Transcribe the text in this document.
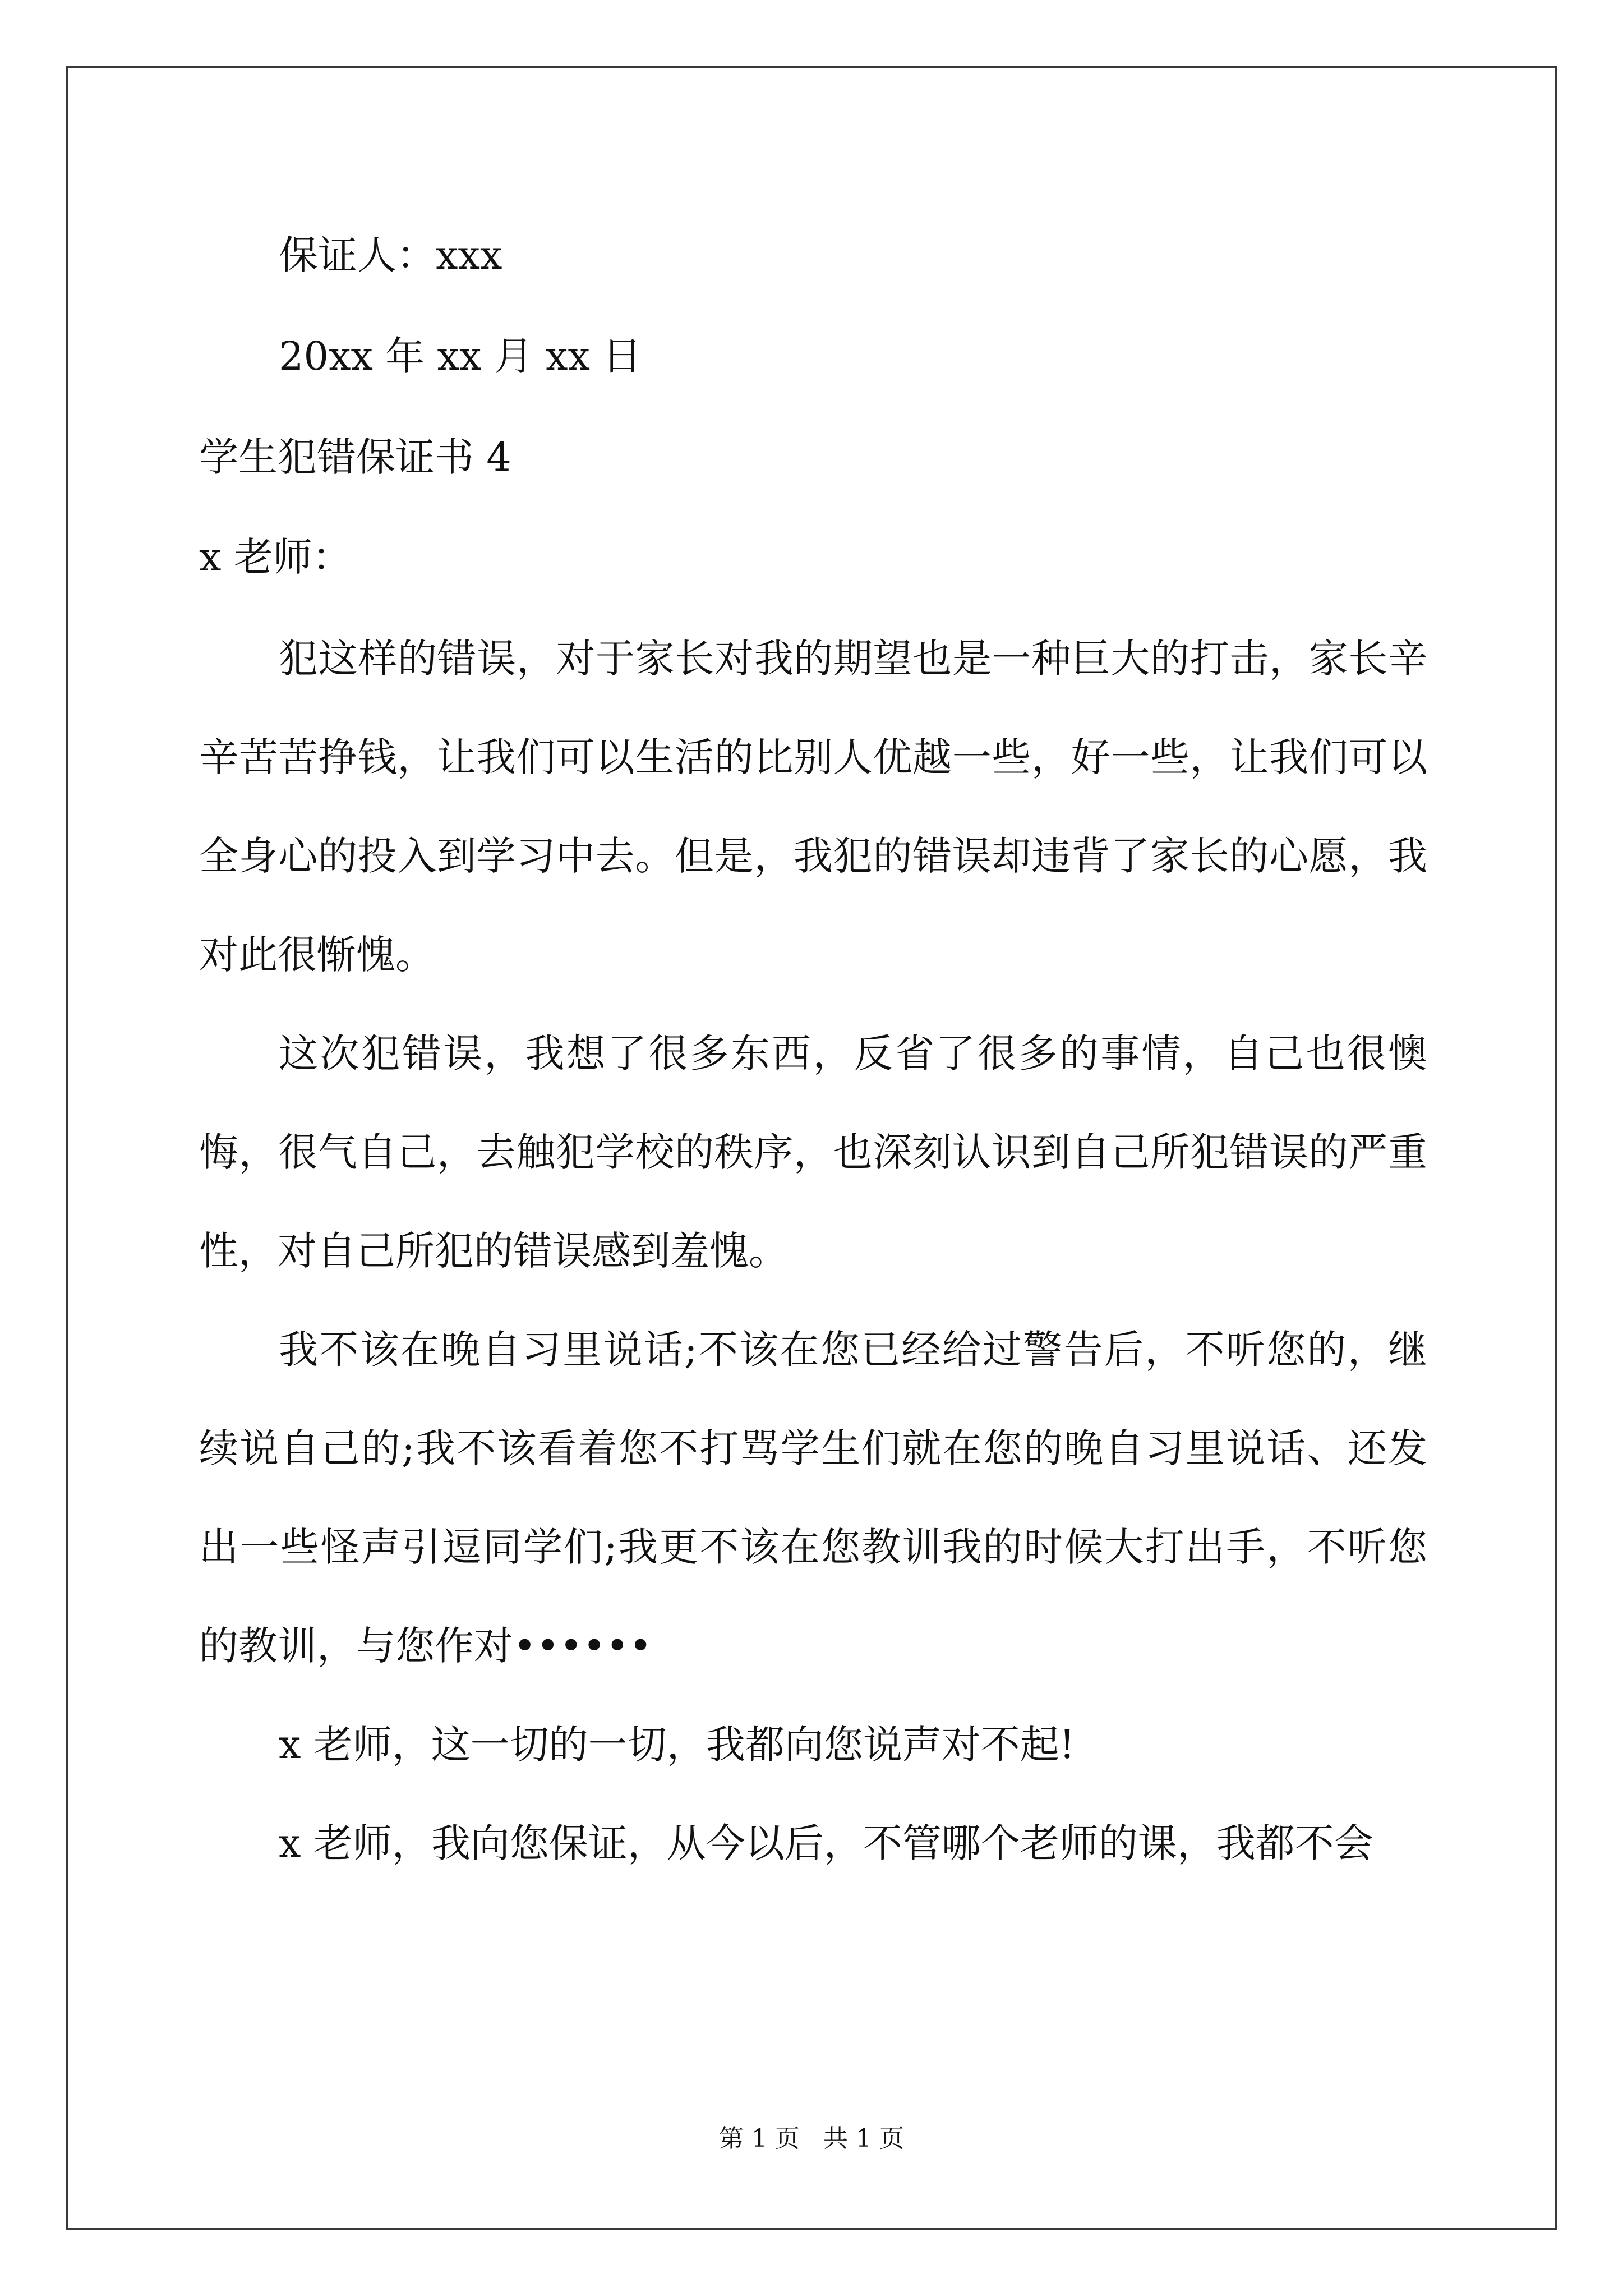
保证人：xxx
20xx 年 xx 月 xx 日
学生犯错保证书 4
x 老师：
犯这样的错误，对于家长对我的期望也是一种巨大的打击，家长辛辛苦苦挣钱，让我们可以生活的比别人优越一些，好一些，让我们可以全身心的投入到学习中去。但是，我犯的错误却违背了家长的心愿，我对此很惭愧。
这次犯错误，我想了很多东西，反省了很多的事情，自己也很懊悔，很气自己，去触犯学校的秩序，也深刻认识到自己所犯错误的严重性，对自己所犯的错误感到羞愧。
我不该在晚自习里说话;不该在您已经给过警告后，不听您的，继续说自己的;我不该看着您不打骂学生们就在您的晚自习里说话、还发出一些怪声引逗同学们;我更不该在您教训我的时候大打出手，不听您的教训，与您作对••••••
x 老师，这一切的一切，我都向您说声对不起!
x 老师，我向您保证，从今以后，不管哪个老师的课，我都不会
第 1 页   共 1 页
